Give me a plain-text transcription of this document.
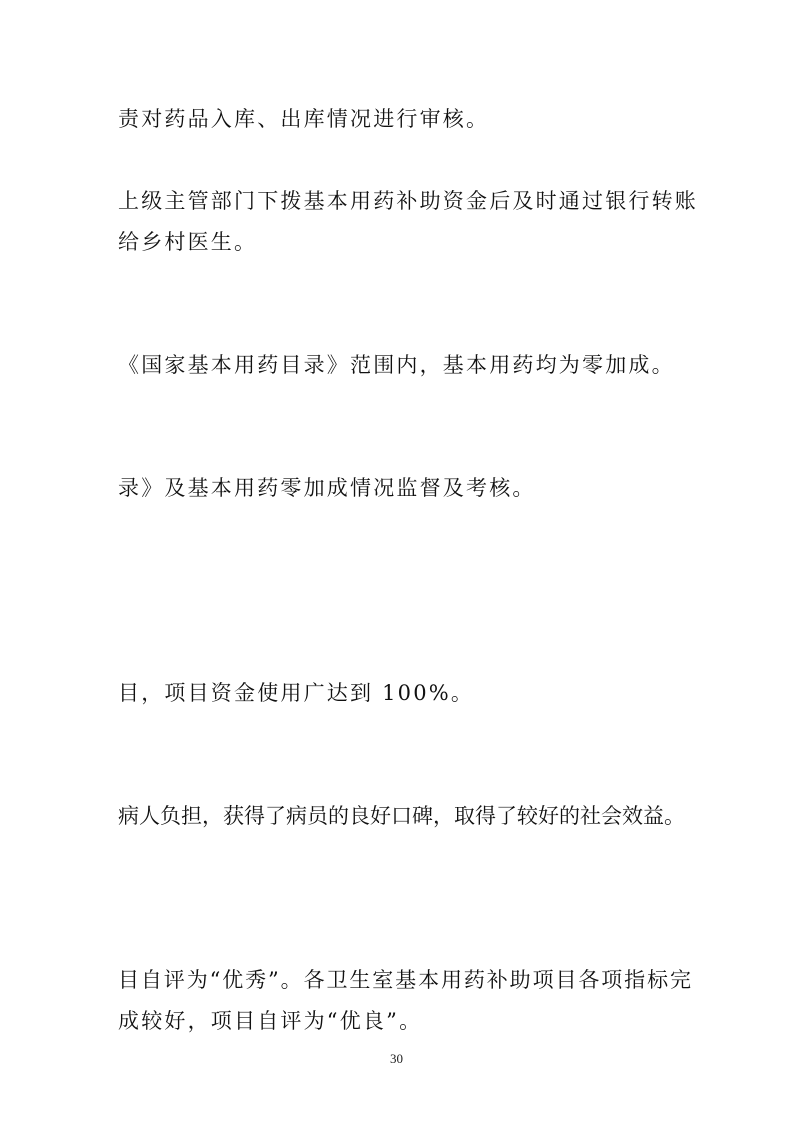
责对药品入库、出库情况进行审核。
上级主管部门下拨基本用药补助资金后及时通过银行转账
给乡村医生。
《国家基本用药目录》范围内，基本用药均为零加成。
录》及基本用药零加成情况监督及考核。
目，项目资金使用广达到 100%。
病人负担，获得了病员的良好口碑，取得了较好的社会效益。
目自评为“优秀”。各卫生室基本用药补助项目各项指标完
成较好，项目自评为“优良”。
30
